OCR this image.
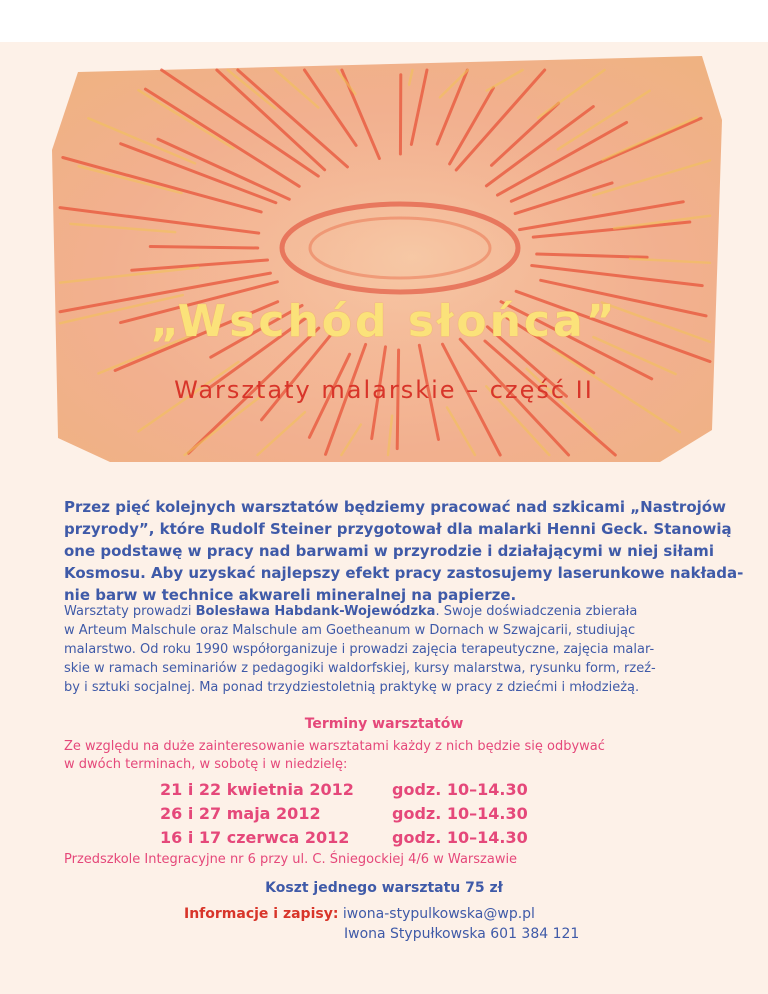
„Wschód słońca”
Warsztaty malarskie – część II
Przez pięć kolejnych warsztatów będziemy pracować nad szkicami „Nastrojów
przyrody”, które Rudolf Steiner przygotował dla malarki Henni Geck. Stanowią
one podstawę w pracy nad barwami w przyrodzie i działającymi w niej siłami
Kosmosu. Aby uzyskać najlepszy efekt pracy zastosujemy laserunkowe nakłada-
nie barw w technice akwareli mineralnej na papierze.
Warsztaty prowadzi Bolesława Habdank-Wojewódzka. Swoje doświadczenia zbierała
w Arteum Malschule oraz Malschule am Goetheanum w Dornach w Szwajcarii, studiując
malarstwo. Od roku 1990 współorganizuje i prowadzi zajęcia terapeutyczne, zajęcia malar-
skie w ramach seminariów z pedagogiki waldorfskiej, kursy malarstwa, rysunku form, rzeź-
by i sztuki socjalnej. Ma ponad trzydziestoletnią praktykę w pracy z dziećmi i młodzieżą.
Terminy warsztatów
Ze względu na duże zainteresowanie warsztatami każdy z nich będzie się odbywać
w dwóch terminach, w sobotę i w niedzielę:
21 i 22 kwietnia 2012	godz. 10–14.30
26 i 27 maja 2012	godz. 10–14.30
16 i 17 czerwca 2012	godz. 10–14.30
Przedszkole Integracyjne nr 6 przy ul. C. Śniegockiej 4/6 w Warszawie
Koszt jednego warsztatu 75 zł
Informacje i zapisy: iwona-stypulkowska@wp.pl
Iwona Stypułkowska 601 384 121
